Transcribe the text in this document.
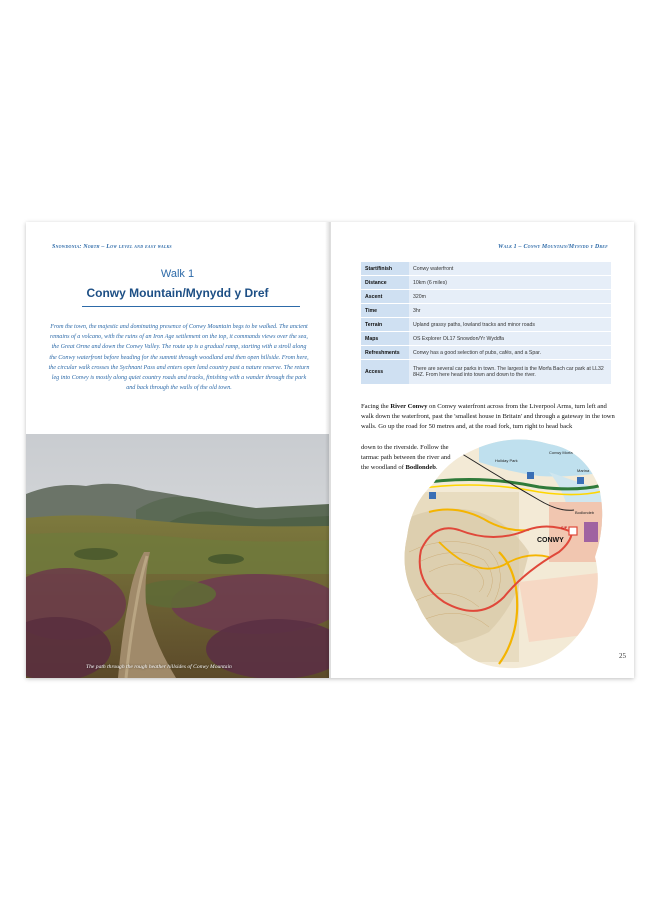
Snowdonia: North – Low level and easy walks
Walk 1
Conwy Mountain/Mynydd y Dref
From the town, the majestic and dominating presence of Conwy Mountain begs to be walked. The ancient remains of a volcano, with the ruins of an Iron Age settlement on the top, it commands views over the sea, the Great Orme and down the Conwy Valley. The route up is a gradual ramp, starting with a stroll along the Conwy waterfront before heading for the summit through woodland and then open hillside. From here, the circular walk crosses the Sychnant Pass and enters open land country past a nature reserve. The return leg into Conwy is mostly along quiet country roads and tracks, finishing with a wander through the park and back through the walls of the old town.
The path through the rough heather hillsides of Conwy Mountain
Walk 1 – Conwy Mountain/Mynydd y Dref
Start/finish	Conwy waterfront
Distance	10km (6 miles)
Ascent	320m
Time	3hr
Terrain	Upland grassy paths, lowland tracks and minor roads
Maps	OS Explorer OL17 Snowdon/Yr Wyddfa
Refreshments	Conwy has a good selection of pubs, cafés, and a Spar.
Access	There are several car parks in town. The largest is the Morfa Bach car park at LL32 8HZ. From here head into town and down to the river.
Facing the River Conwy on Conwy waterfront across from the Liverpool Arms, turn left and walk down the waterfront, past the 'smallest house in Britain' and through a gateway in the town walls. Go up the road for 50 metres and, at the road fork, turn right to head back
down to the riverside. Follow the tarmac path between the river and the woodland of Bodlondeb.
CONWY
Conwy Morfa
Holiday Park
Marina
Bodlondeb
S/F
25
